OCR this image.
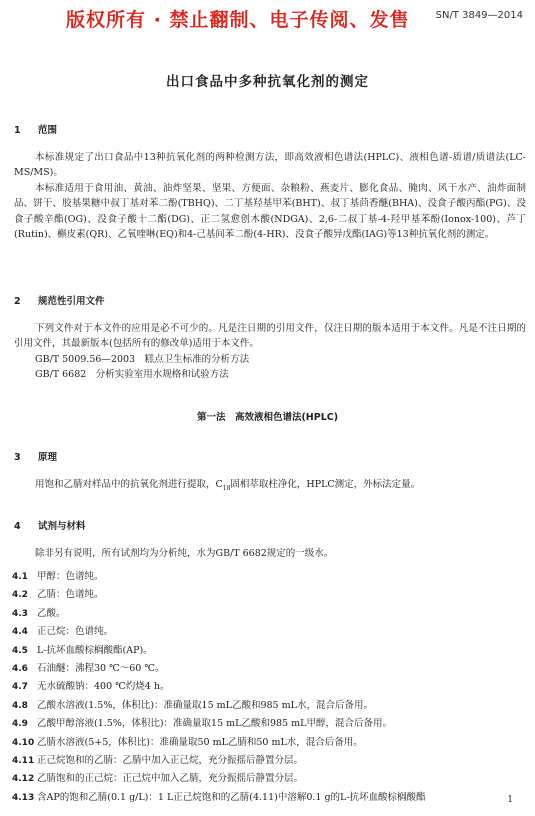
版权所有 · 禁止翻制、电子传阅、发售	SN/T 3849—2014
出口食品中多种抗氧化剂的测定
1 范围

本标准规定了出口食品中13种抗氧化剂的两种检测方法，即高效液相色谱法(HPLC)、液相色谱-质谱/质谱法(LC-MS/MS)。

本标准适用于食用油、黄油、油炸坚果、坚果、方便面、杂粮粉、燕麦片、膨化食品、腌肉、风干水产、油炸面制品、饼干、胶基果糖中叔丁基对苯二酚(TBHQ)、二丁基羟基甲苯(BHT)、叔丁基茴香醚(BHA)、没食子酸丙酯(PG)、没食子酸辛酯(OG)、没食子酸十二酯(DG)、正二氢愈创木酸(NDGA)、2,6-二叔丁基-4-羟甲基苯酚(Ionox-100)、芦丁(Rutin)、槲皮素(QR)、乙氧喹啉(EQ)和4-己基间苯二酚(4-HR)、没食子酸异戊酯(IAG)等13种抗氧化剂的测定。

2 规范性引用文件

下列文件对于本文件的应用是必不可少的。凡是注日期的引用文件，仅注日期的版本适用于本文件。凡是不注日期的引用文件，其最新版本(包括所有的修改单)适用于本文件。

GB/T 5009.56—2003　糕点卫生标准的分析方法

GB/T 6682　分析实验室用水规格和试验方法

第一法　高效液相色谱法(HPLC)
3 原理

用饱和乙腈对样品中的抗氧化剂进行提取，$C_{18}$固相萃取柱净化，HPLC测定，外标法定量。

4 试剂与材料

除非另有说明，所有试剂均为分析纯，水为GB/T 6682规定的一级水。

4.1 甲醇：色谱纯。
4.2 乙腈：色谱纯。
4.3 乙酸。
4.4 正己烷：色谱纯。
4.5 L-抗坏血酸棕榈酸酯(AP)。
4.6 石油醚：沸程30 ℃～60 ℃。
4.7 无水硫酸钠：400 ℃灼烧4 h。
4.8 乙酸水溶液(1.5%，体积比)：准确量取15 mL乙酸和985 mL水，混合后备用。
4.9 乙酸甲醇溶液(1.5%，体积比)：准确量取15 mL乙酸和985 mL甲醇，混合后备用。
4.10 乙腈水溶液(5+5，体积比)：准确量取50 mL乙腈和50 mL水，混合后备用。
4.11 正己烷饱和的乙腈：乙腈中加入正己烷，充分振摇后静置分层。
4.12 乙腈饱和的正己烷：正己烷中加入乙腈，充分振摇后静置分层。
4.13 含AP的饱和乙腈(0.1 g/L)：1 L正己烷饱和的乙腈(4.11)中溶解0.1 g的L-抗坏血酸棕榈酸酯	1
